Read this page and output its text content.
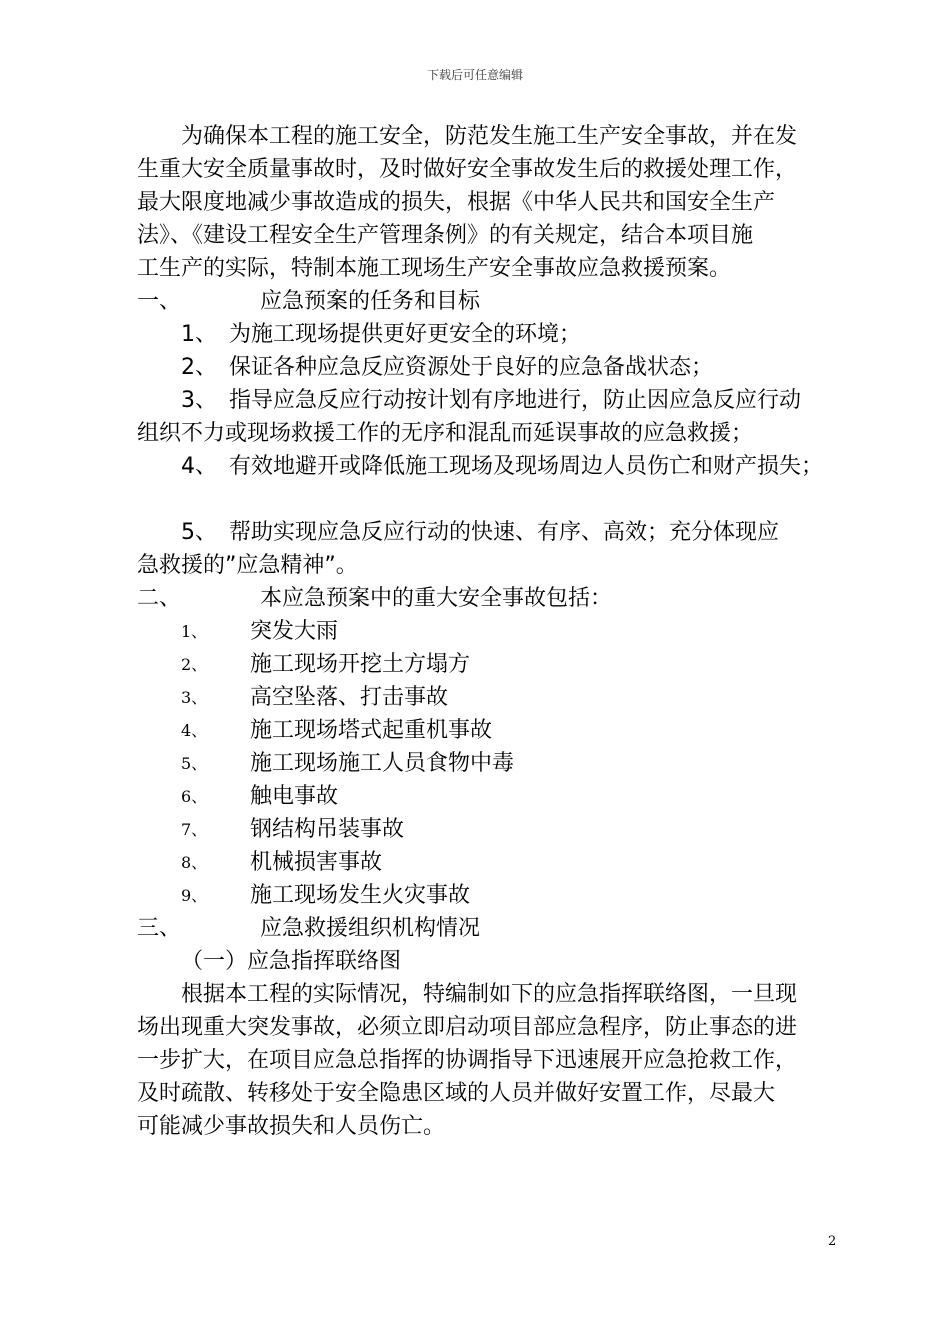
下载后可任意编辑

为确保本工程的施工安全，防范发生施工生产安全事故，并在发
生重大安全质量事故时，及时做好安全事故发生后的救援处理工作，
最大限度地减少事故造成的损失，根据《中华人民共和国安全生产
法》、《建设工程安全生产管理条例》的有关规定，结合本项目施
工生产的实际，特制本施工现场生产安全事故应急救援预案。

一、	应急预案的任务和目标
1、 为施工现场提供更好更安全的环境；
2、 保证各种应急反应资源处于良好的应急备战状态；
3、 指导应急反应行动按计划有序地进行，防止因应急反应行动

组织不力或现场救援工作的无序和混乱而延误事故的应急救援；

4、 有效地避开或降低施工现场及现场周边人员伤亡和财产损失；
5、 帮助实现应急反应行动的快速、有序、高效；充分体现应

急救援的”应急精神”。

二、	本应急预案中的重大安全事故包括：
1、	突发大雨
2、	施工现场开挖土方塌方
3、	高空坠落、打击事故
4、	施工现场塔式起重机事故
5、	施工现场施工人员食物中毒
6、	触电事故
7、	钢结构吊装事故
8、	机械损害事故
9、	施工现场发生火灾事故
三、	应急救援组织机构情况

（一）应急指挥联络图

根据本工程的实际情况，特编制如下的应急指挥联络图，一旦现
场出现重大突发事故，必须立即启动项目部应急程序，防止事态的进
一步扩大，在项目应急总指挥的协调指导下迅速展开应急抢救工作，
及时疏散、转移处于安全隐患区域的人员并做好安置工作，尽最大
可能减少事故损失和人员伤亡。

2
